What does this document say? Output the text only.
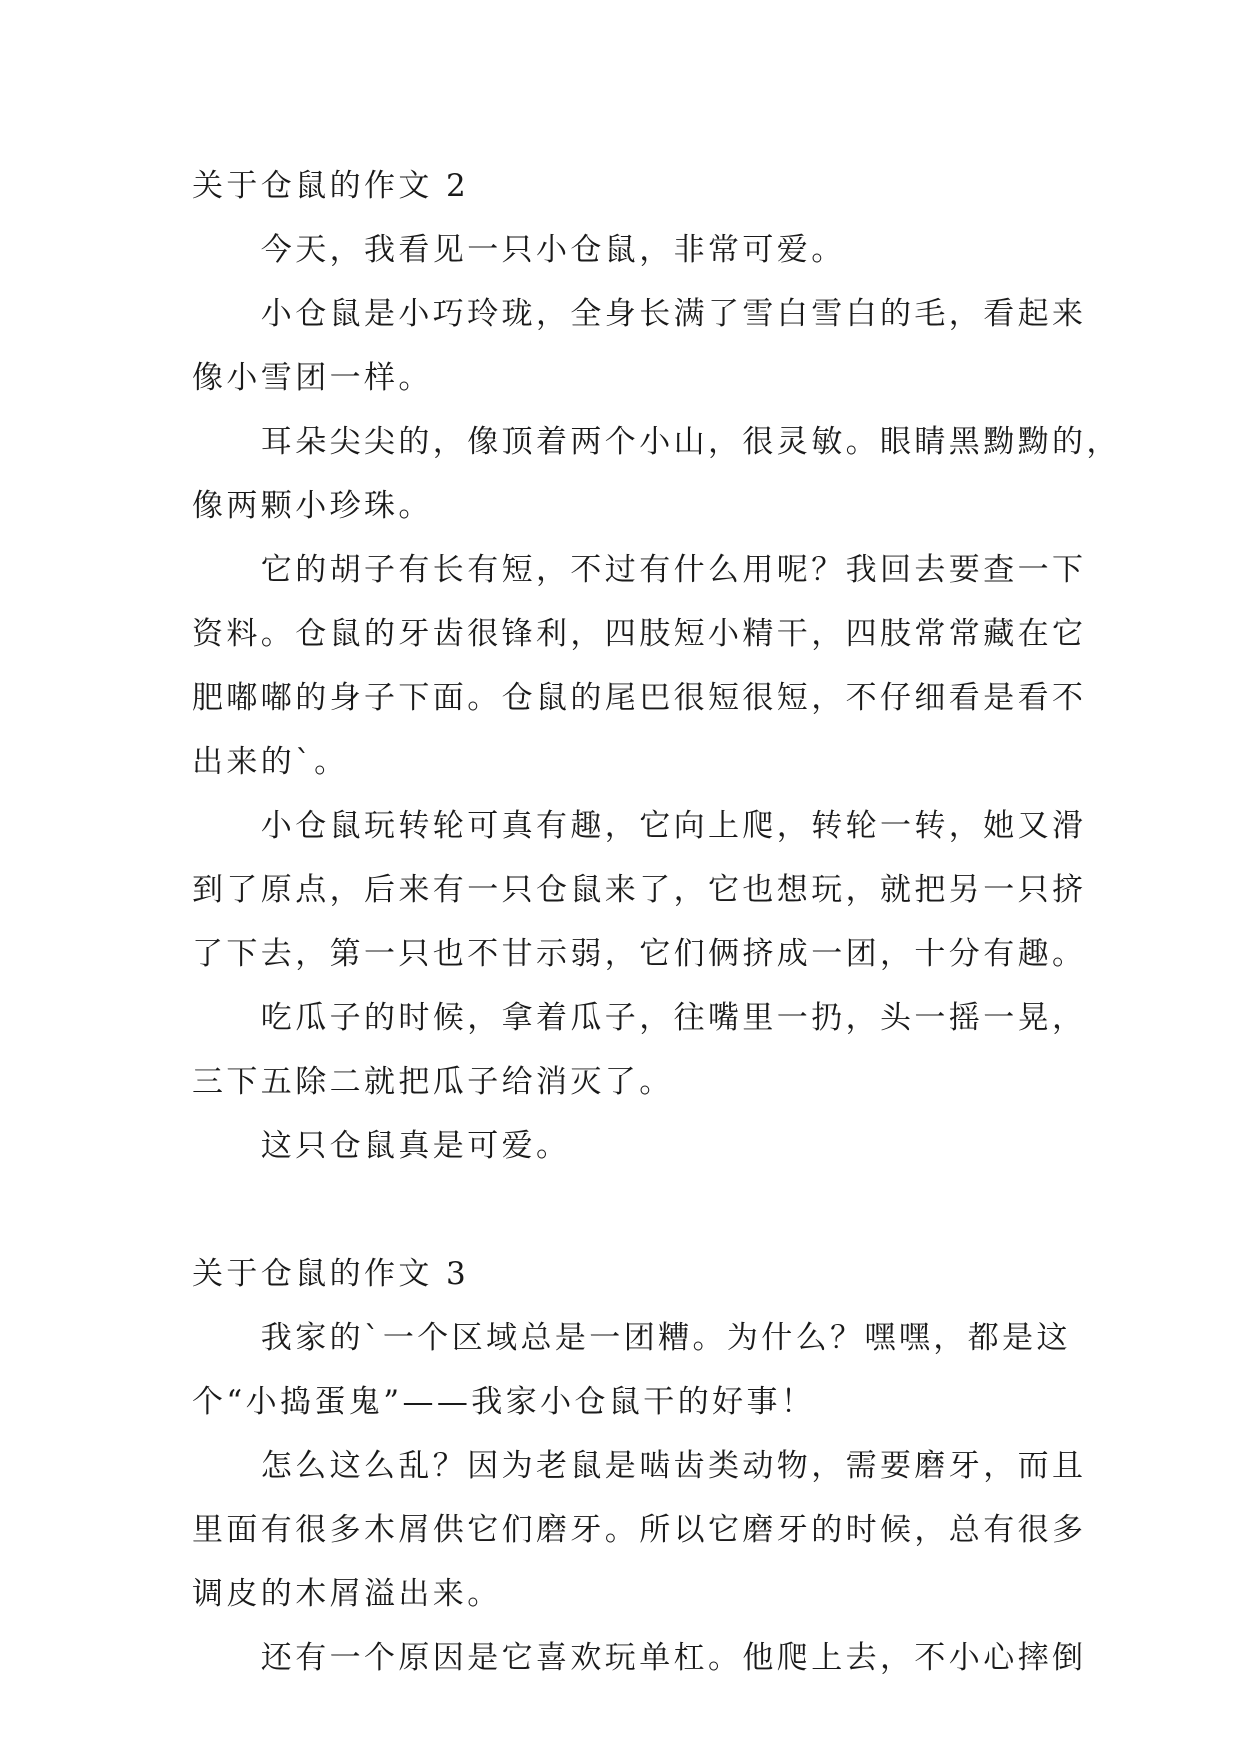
关于仓鼠的作文 2
　　今天，我看见一只小仓鼠，非常可爱。
　　小仓鼠是小巧玲珑，全身长满了雪白雪白的毛，看起来
像小雪团一样。
　　耳朵尖尖的，像顶着两个小山，很灵敏。眼睛黑黝黝的，
像两颗小珍珠。
　　它的胡子有长有短，不过有什么用呢？我回去要查一下
资料。仓鼠的牙齿很锋利，四肢短小精干，四肢常常藏在它
肥嘟嘟的身子下面。仓鼠的尾巴很短很短，不仔细看是看不
出来的`。
　　小仓鼠玩转轮可真有趣，它向上爬，转轮一转，她又滑
到了原点，后来有一只仓鼠来了，它也想玩，就把另一只挤
了下去，第一只也不甘示弱，它们俩挤成一团，十分有趣。
　　吃瓜子的时候，拿着瓜子，往嘴里一扔，头一摇一晃，
三下五除二就把瓜子给消灭了。
　　这只仓鼠真是可爱。
关于仓鼠的作文 3
　　我家的`一个区域总是一团糟。为什么？嘿嘿，都是这
个“小捣蛋鬼”——我家小仓鼠干的好事！
　　怎么这么乱？因为老鼠是啮齿类动物，需要磨牙，而且
里面有很多木屑供它们磨牙。所以它磨牙的时候，总有很多
调皮的木屑溢出来。
　　还有一个原因是它喜欢玩单杠。他爬上去，不小心摔倒
